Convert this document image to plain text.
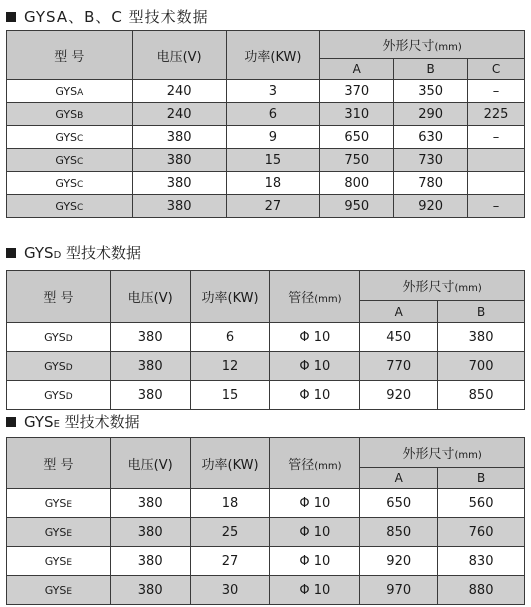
GYSA、B、C 型技术数据
型 号	电压(V)	功率(KW)	外形尺寸(mm)		
			A	B	C
GYSA	240	3	370	350	–
GYSB	240	6	310	290	225
GYSC	380	9	650	630	–
GYSC	380	15	750	730	
GYSC	380	18	800	780	
GYSC	380	27	950	920	–
GYSD 型技术数据
型 号	电压(V)	功率(KW)	管径(mm)	外形尺寸(mm)	
				A	B
GYSD	380	6	Φ 10	450	380
GYSD	380	12	Φ 10	770	700
GYSD	380	15	Φ 10	920	850
GYSE 型技术数据
型 号	电压(V)	功率(KW)	管径(mm)	外形尺寸(mm)	
				A	B
GYSE	380	18	Φ 10	650	560
GYSE	380	25	Φ 10	850	760
GYSE	380	27	Φ 10	920	830
GYSE	380	30	Φ 10	970	880
